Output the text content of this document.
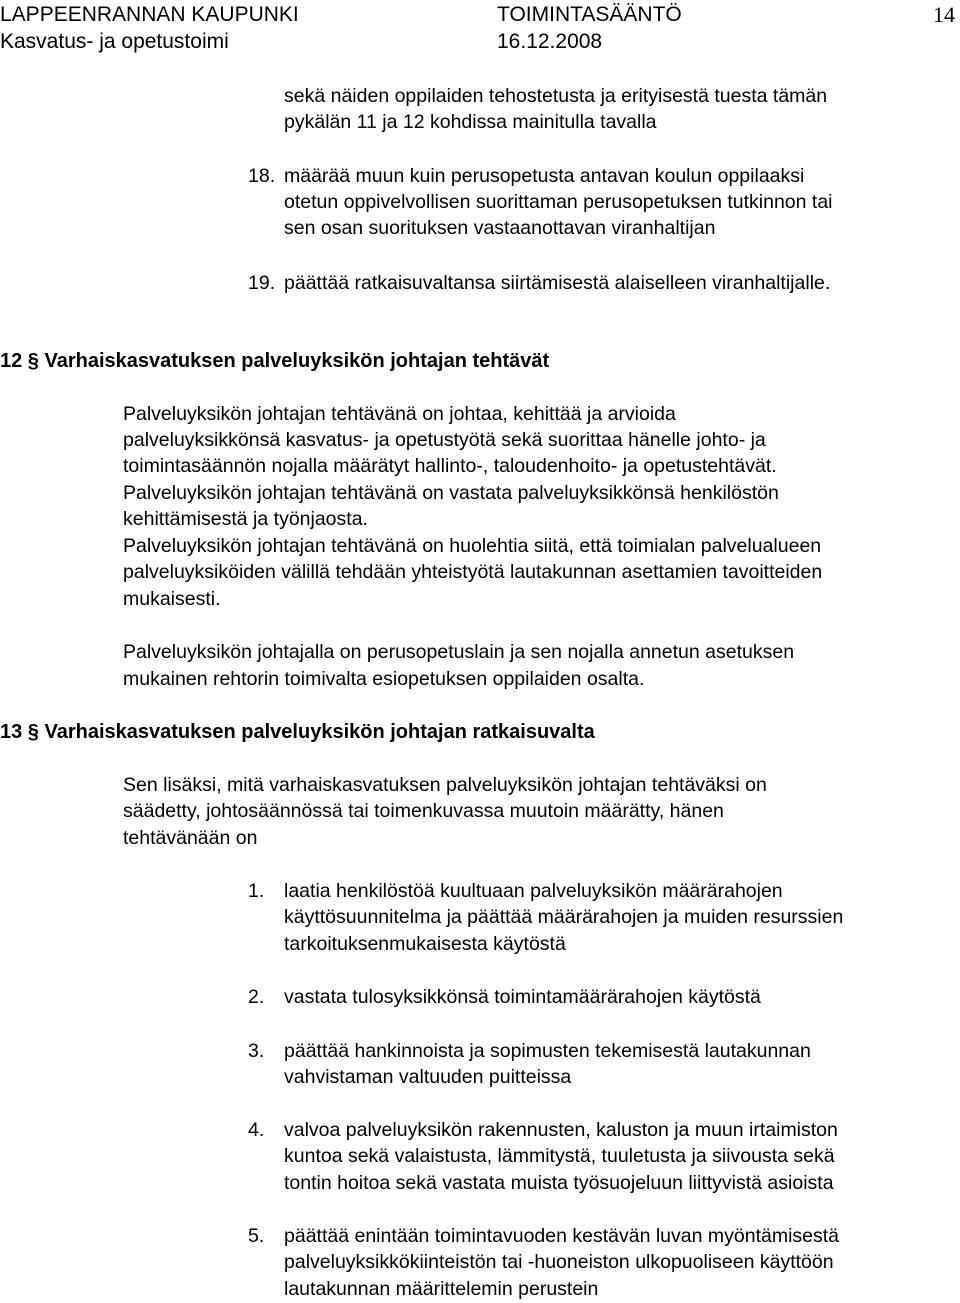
LAPPEENRANNAN KAUPUNKI
Kasvatus- ja opetustoimi
TOIMINTASÄÄNTÖ
16.12.2008
14
sekä näiden oppilaiden tehostetusta ja erityisestä tuesta tämän
pykälän 11 ja 12 kohdissa mainitulla tavalla
18. määrää muun kuin perusopetusta antavan koulun oppilaaksi
otetun oppivelvollisen suorittaman perusopetuksen tutkinnon tai
sen osan suorituksen vastaanottavan viranhaltijan
19. päättää ratkaisuvaltansa siirtämisestä alaiselleen viranhaltijalle.
12 § Varhaiskasvatuksen palveluyksikön johtajan tehtävät
Palveluyksikön johtajan tehtävänä on johtaa, kehittää ja arvioida
palveluyksikkönsä kasvatus- ja opetustyötä sekä suorittaa hänelle johto- ja
toimintasäännön nojalla määrätyt hallinto-, taloudenhoito- ja opetustehtävät.
Palveluyksikön johtajan tehtävänä on vastata palveluyksikkönsä henkilöstön
kehittämisestä ja työnjaosta.
Palveluyksikön johtajan tehtävänä on huolehtia siitä, että toimialan palvelualueen
palveluyksiköiden välillä tehdään yhteistyötä lautakunnan asettamien tavoitteiden
mukaisesti.
Palveluyksikön johtajalla on perusopetuslain ja sen nojalla annetun asetuksen
mukainen rehtorin toimivalta esiopetuksen oppilaiden osalta.
13 § Varhaiskasvatuksen palveluyksikön johtajan ratkaisuvalta
Sen lisäksi, mitä varhaiskasvatuksen palveluyksikön johtajan tehtäväksi on
säädetty, johtosäännössä tai toimenkuvassa muutoin määrätty, hänen
tehtävänään on
1. laatia henkilöstöä kuultuaan palveluyksikön määrärahojen
käyttösuunnitelma ja päättää määrärahojen ja muiden resurssien
tarkoituksenmukaisesta käytöstä
2. vastata tulosyksikkönsä toimintamäärärahojen käytöstä
3. päättää hankinnoista ja sopimusten tekemisestä lautakunnan
vahvistaman valtuuden puitteissa
4. valvoa palveluyksikön rakennusten, kaluston ja muun irtaimiston
kuntoa sekä valaistusta, lämmitystä, tuuletusta ja siivousta sekä
tontin hoitoa sekä vastata muista työsuojeluun liittyvistä asioista
5. päättää enintään toimintavuoden kestävän luvan myöntämisestä
palveluyksikkökiinteistön tai -huoneiston ulkopuoliseen käyttöön
lautakunnan määrittelemin perustein
